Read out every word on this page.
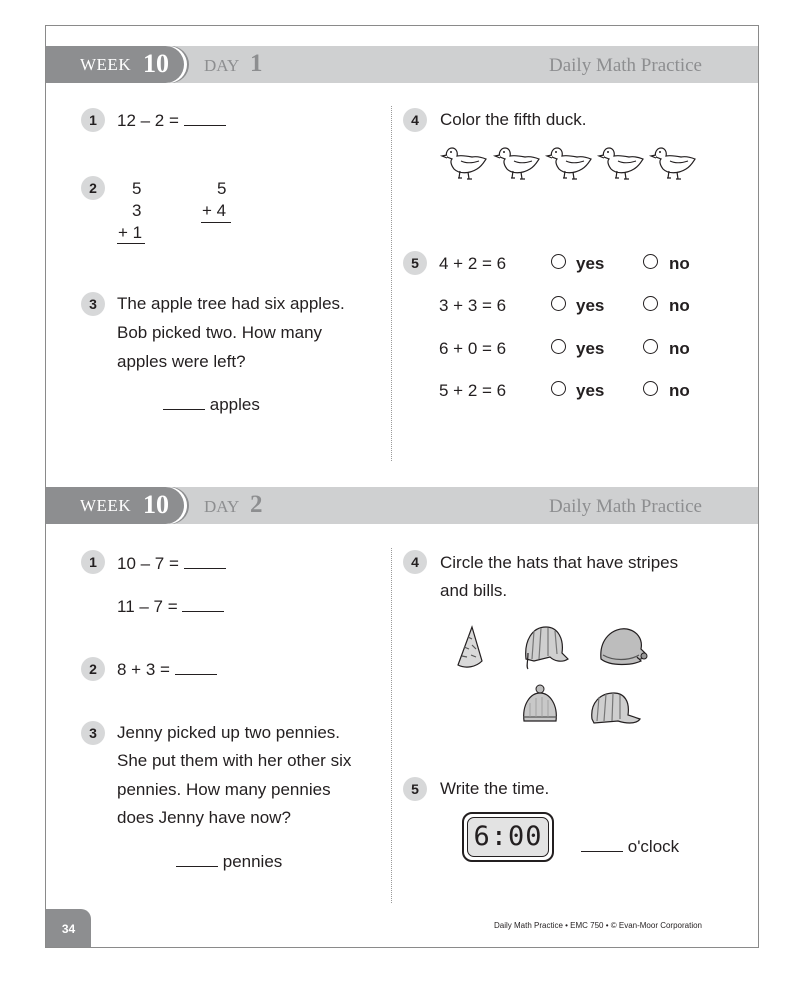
WEEK 10 DAY 1	Daily Math Practice
1	12 – 2 =
2	5
3
+ 1
5
+ 4
3	The apple tree had six apples.
Bob picked two. How many
apples were left?
apples
4	Color the fifth duck.
5	4 + 2 = 6	yes	no
3 + 3 = 6	yes	no
6 + 0 = 6	yes	no
5 + 2 = 6	yes	no
WEEK 10 DAY 2	Daily Math Practice
1	10 – 7 =
11 – 7 =
2	8 + 3 =
3	Jenny picked up two pennies.
She put them with her other six
pennies. How many pennies
does Jenny have now?
pennies
4	Circle the hats that have stripes
and bills.
5	Write the time.
6:00	o'clock
34	Daily Math Practice • EMC 750 • © Evan-Moor Corporation
